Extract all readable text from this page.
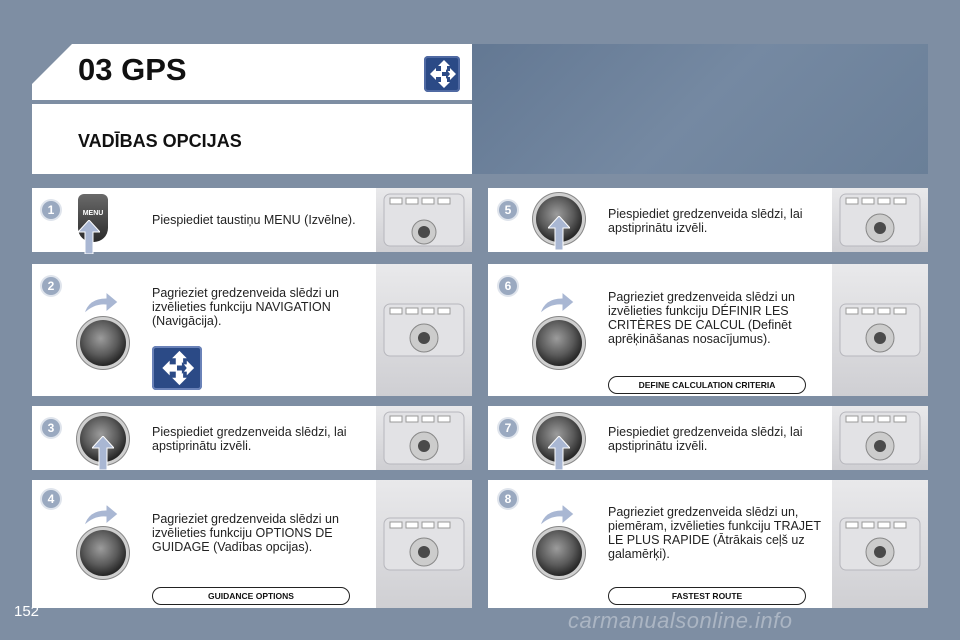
03 GPS
VADĪBAS OPCIJAS
1	MENU	Piespiediet taustiņu MENU (Izvēlne).
2	Pagrieziet gredzenveida slēdzi un
izvēlieties funkciju NAVIGATION
(Navigācija).
3	Piespiediet gredzenveida slēdzi, lai
apstiprinātu izvēli.
4
Pagrieziet gredzenveida slēdzi un
izvēlieties funkciju OPTIONS DE
GUIDAGE (Vadības opcijas).
GUIDANCE OPTIONS
5	Piespiediet gredzenveida slēdzi, lai
apstiprinātu izvēli.
6
Pagrieziet gredzenveida slēdzi un
izvēlieties funkciju DÉFINIR LES
CRITÈRES DE CALCUL (Definēt
aprēķināšanas nosacījumus).
DEFINE CALCULATION CRITERIA
7	Piespiediet gredzenveida slēdzi, lai
apstiprinātu izvēli.
8
Pagrieziet gredzenveida slēdzi un,
piemēram, izvēlieties funkciju TRAJET
LE PLUS RAPIDE (Ātrākais ceļš uz
galamērķi).
FASTEST ROUTE
152	carmanualsonline.info
